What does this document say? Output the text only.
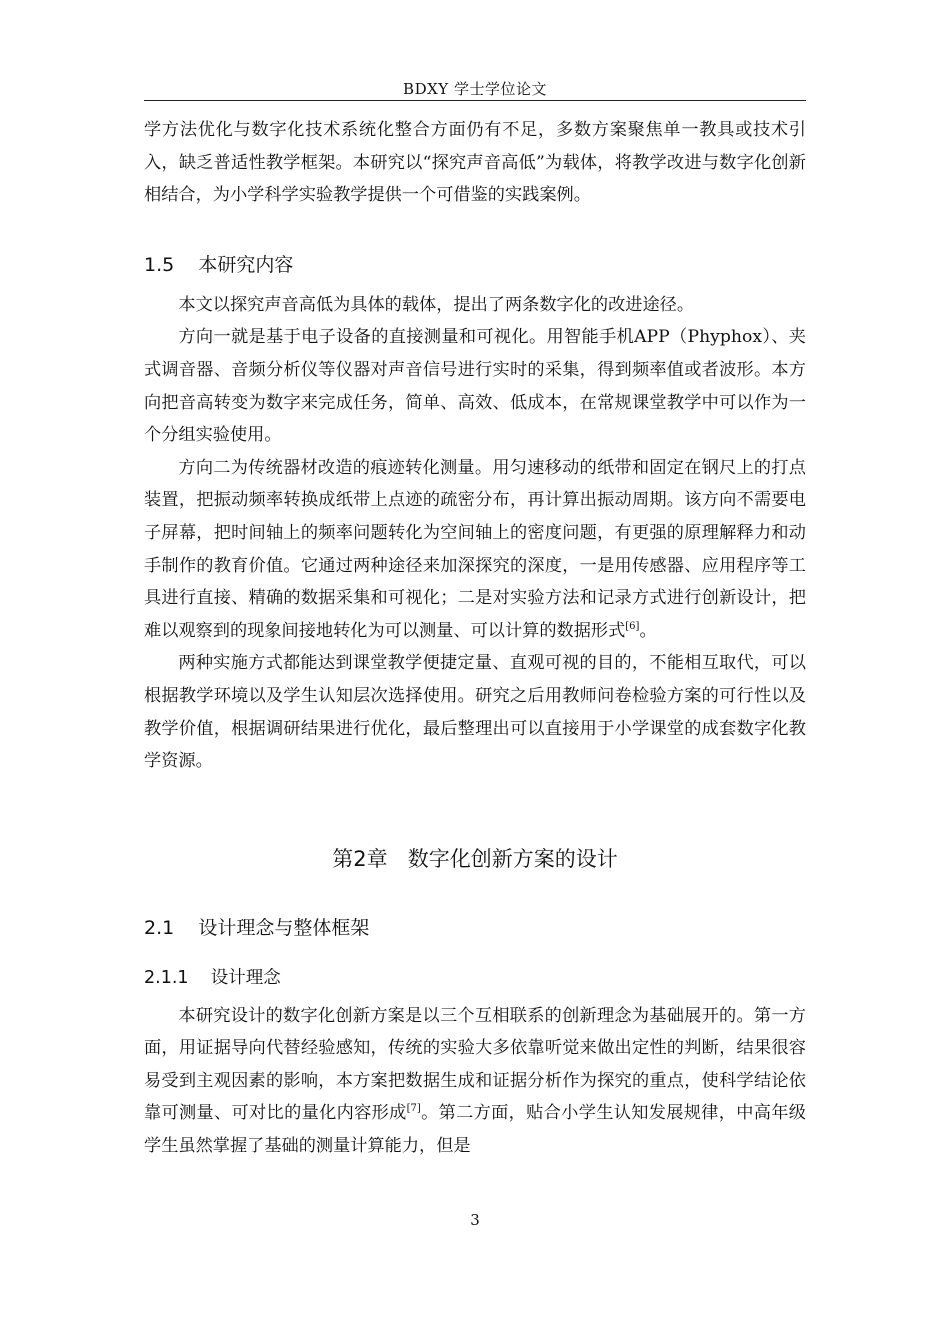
BDXY 学士学位论文

学方法优化与数字化技术系统化整合方面仍有不足，多数方案聚焦单一教具或技术引入，缺乏普适性教学框架。本研究以“探究声音高低”为载体，将教学改进与数字化创新相结合，为小学科学实验教学提供一个可借鉴的实践案例。

1.5 本研究内容

本文以探究声音高低为具体的载体，提出了两条数字化的改进途径。

方向一就是基于电子设备的直接测量和可视化。用智能手机APP（Phyphox）、夹式调音器、音频分析仪等仪器对声音信号进行实时的采集，得到频率值或者波形。本方向把音高转变为数字来完成任务，简单、高效、低成本，在常规课堂教学中可以作为一个分组实验使用。

方向二为传统器材改造的痕迹转化测量。用匀速移动的纸带和固定在钢尺上的打点装置，把振动频率转换成纸带上点迹的疏密分布，再计算出振动周期。该方向不需要电子屏幕，把时间轴上的频率问题转化为空间轴上的密度问题，有更强的原理解释力和动手制作的教育价值。它通过两种途径来加深探究的深度，一是用传感器、应用程序等工具进行直接、精确的数据采集和可视化；二是对实验方法和记录方式进行创新设计，把难以观察到的现象间接地转化为可以测量、可以计算的数据形式[6]。

两种实施方式都能达到课堂教学便捷定量、直观可视的目的，不能相互取代，可以根据教学环境以及学生认知层次选择使用。研究之后用教师问卷检验方案的可行性以及教学价值，根据调研结果进行优化，最后整理出可以直接用于小学课堂的成套数字化教学资源。

第2章 数字化创新方案的设计
2.1 设计理念与整体框架
2.1.1 设计理念

本研究设计的数字化创新方案是以三个互相联系的创新理念为基础展开的。第一方面，用证据导向代替经验感知，传统的实验大多依靠听觉来做出定性的判断，结果很容易受到主观因素的影响，本方案把数据生成和证据分析作为探究的重点，使科学结论依靠可测量、可对比的量化内容形成[7]。第二方面，贴合小学生认知发展规律，中高年级学生虽然掌握了基础的测量计算能力，但是

3
